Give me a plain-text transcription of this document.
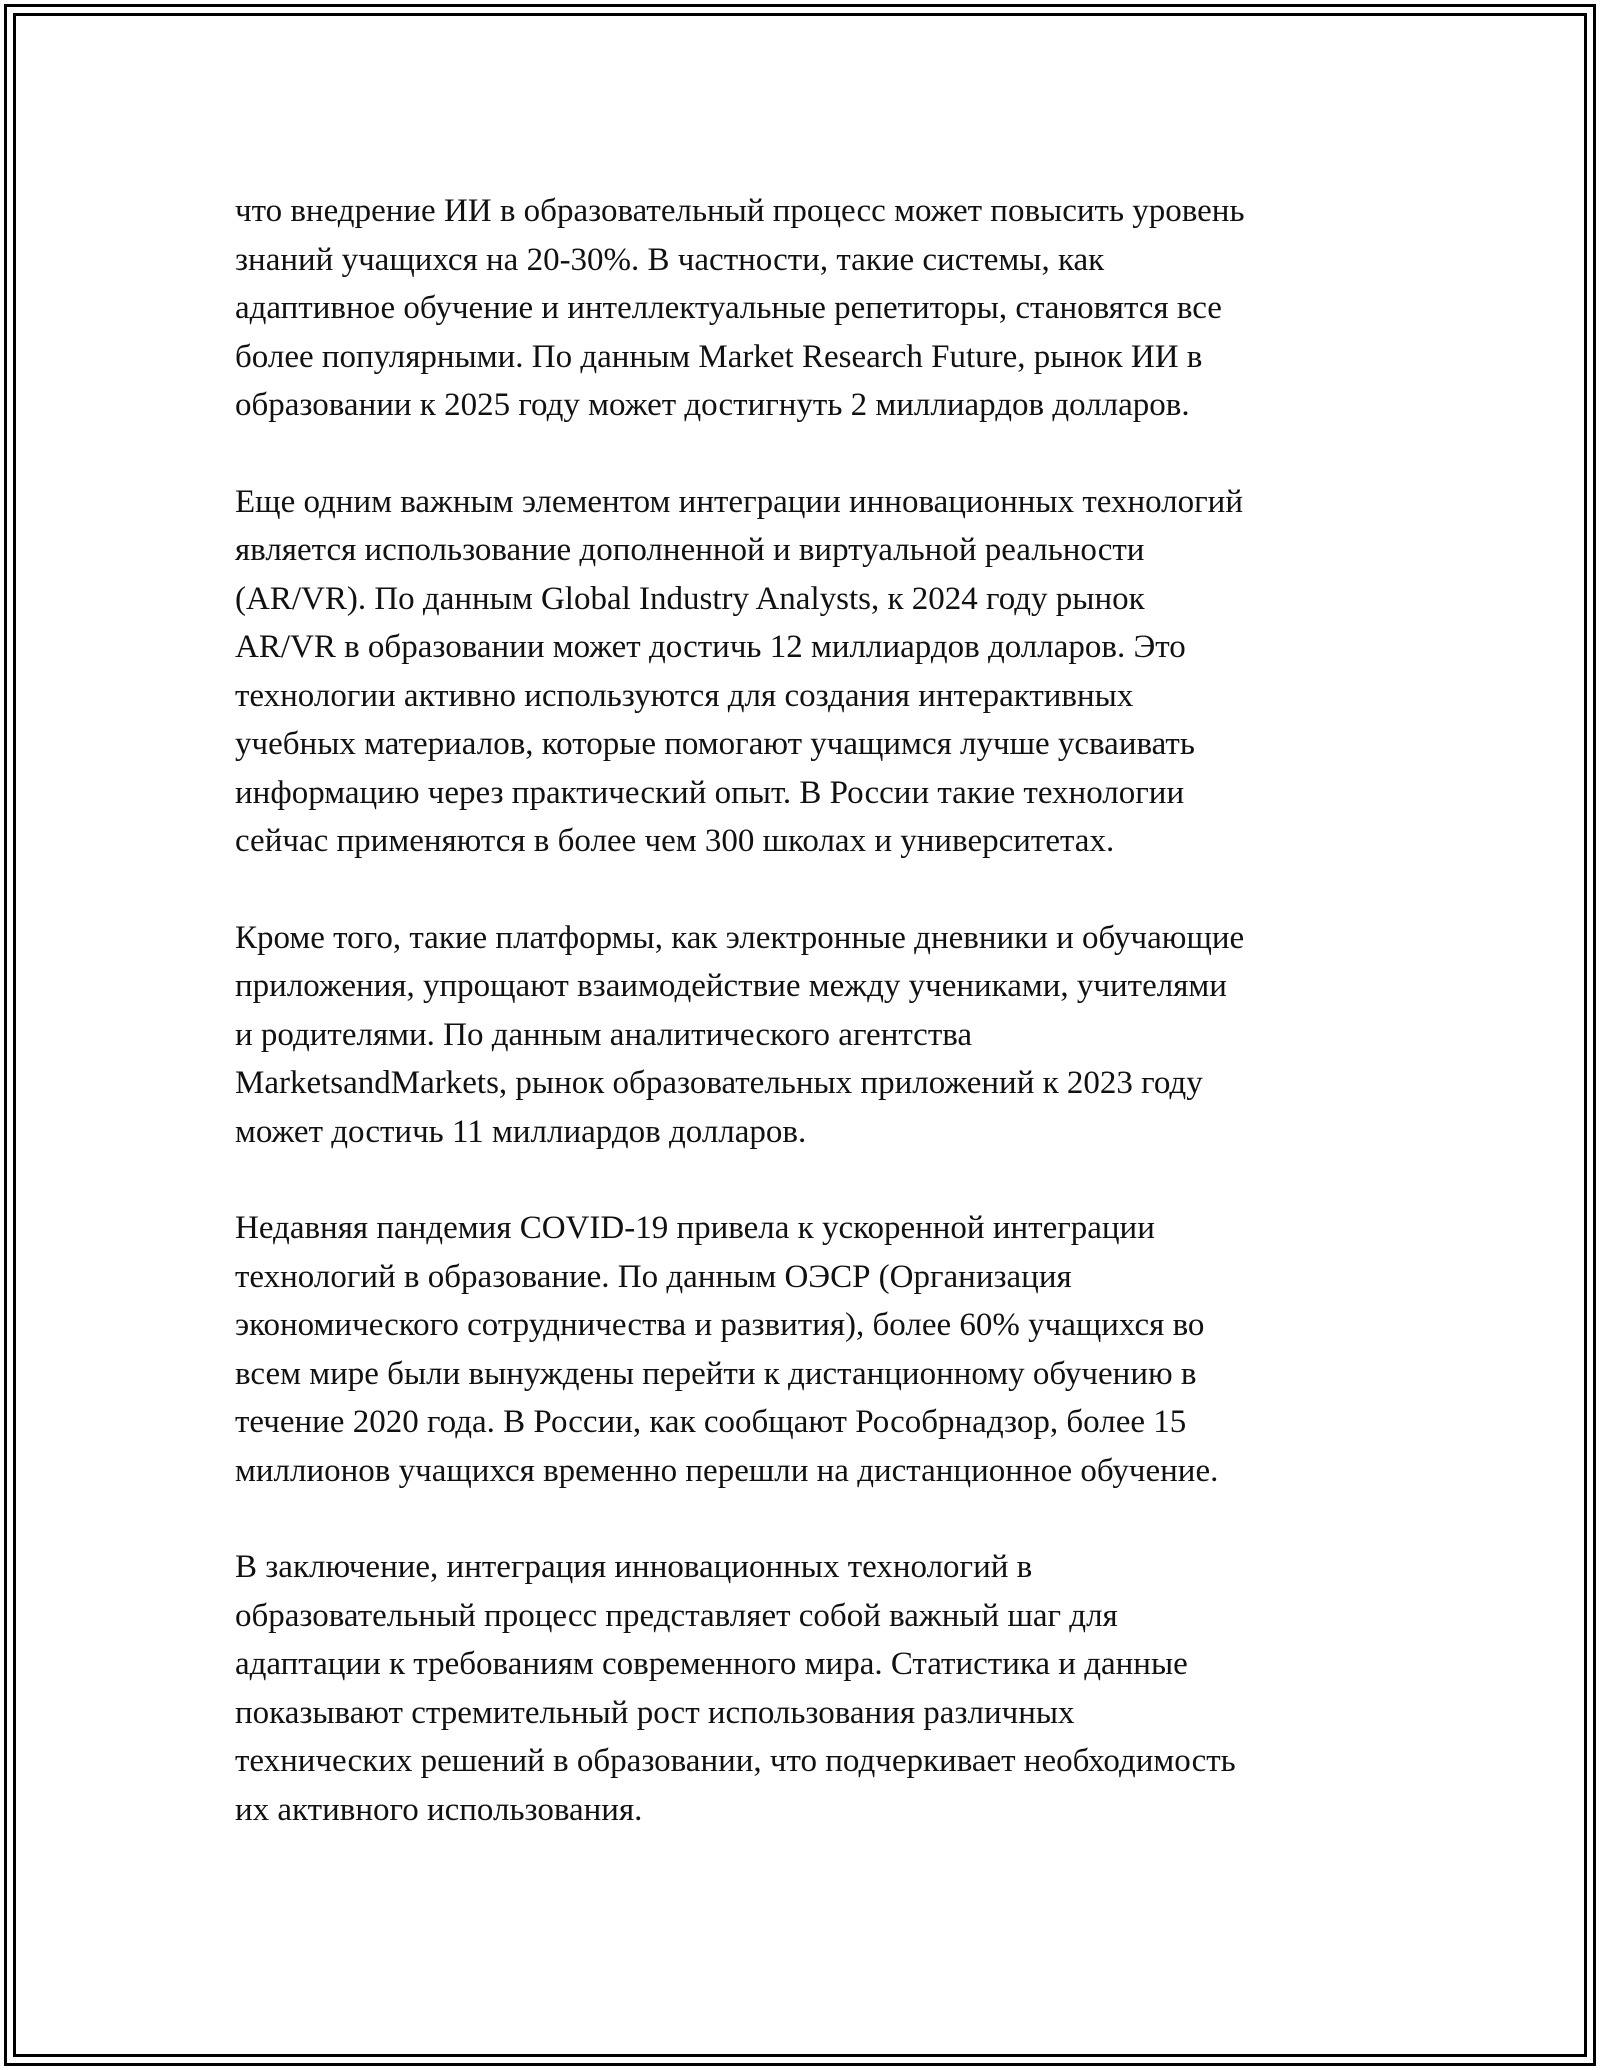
что внедрение ИИ в образовательный процесс может повысить уровень
знаний учащихся на 20-30%. В частности, такие системы, как
адаптивное обучение и интеллектуальные репетиторы, становятся все
более популярными. По данным Market Research Future, рынок ИИ в
образовании к 2025 году может достигнуть 2 миллиардов долларов.

Еще одним важным элементом интеграции инновационных технологий
является использование дополненной и виртуальной реальности
(AR/VR). По данным Global Industry Analysts, к 2024 году рынок
AR/VR в образовании может достичь 12 миллиардов долларов. Это
технологии активно используются для создания интерактивных
учебных материалов, которые помогают учащимся лучше усваивать
информацию через практический опыт. В России такие технологии
сейчас применяются в более чем 300 школах и университетах.

Кроме того, такие платформы, как электронные дневники и обучающие
приложения, упрощают взаимодействие между учениками, учителями
и родителями. По данным аналитического агентства
MarketsandMarkets, рынок образовательных приложений к 2023 году
может достичь 11 миллиардов долларов.

Недавняя пандемия COVID-19 привела к ускоренной интеграции
технологий в образование. По данным ОЭСР (Организация
экономического сотрудничества и развития), более 60% учащихся во
всем мире были вынуждены перейти к дистанционному обучению в
течение 2020 года. В России, как сообщают Рособрнадзор, более 15
миллионов учащихся временно перешли на дистанционное обучение.

В заключение, интеграция инновационных технологий в
образовательный процесс представляет собой важный шаг для
адаптации к требованиям современного мира. Статистика и данные
показывают стремительный рост использования различных
технических решений в образовании, что подчеркивает необходимость
их активного использования.
